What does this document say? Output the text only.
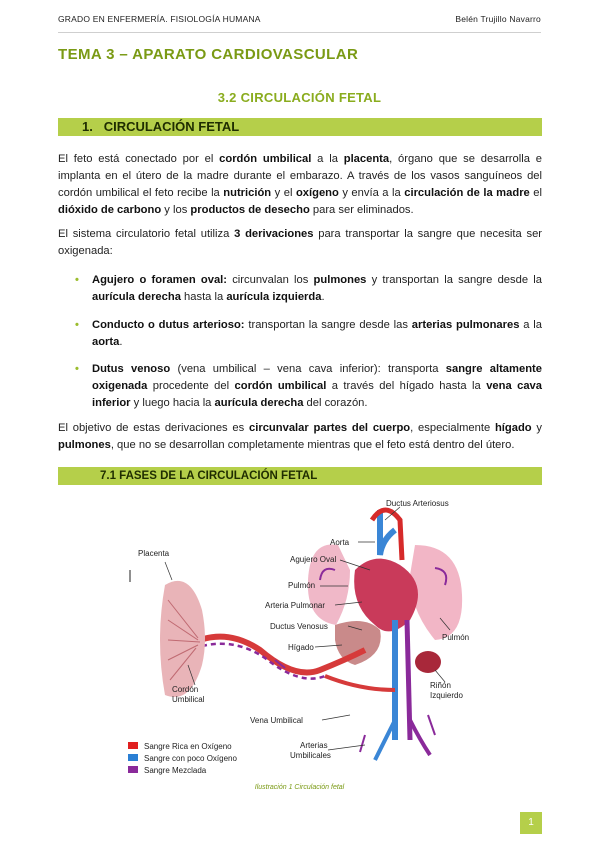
GRADO EN ENFERMERÍA. FISIOLOGÍA HUMANA	Belén Trujillo Navarro
TEMA 3 – APARATO CARDIOVASCULAR
3.2 CIRCULACIÓN FETAL
1. CIRCULACIÓN FETAL
El feto está conectado por el cordón umbilical a la placenta, órgano que se desarrolla e implanta en el útero de la madre durante el embarazo. A través de los vasos sanguíneos del cordón umbilical el feto recibe la nutrición y el oxígeno y envía a la circulación de la madre el dióxido de carbono y los productos de desecho para ser eliminados.
El sistema circulatorio fetal utiliza 3 derivaciones para transportar la sangre que necesita ser oxigenada:
• Agujero o foramen oval: circunvalan los pulmones y transportan la sangre desde la aurícula derecha hasta la aurícula izquierda.
• Conducto o dutus arterioso: transportan la sangre desde las arterias pulmonares a la aorta.
• Dutus venoso (vena umbilical – vena cava inferior): transporta sangre altamente oxigenada procedente del cordón umbilical a través del hígado hasta la vena cava inferior y luego hacia la aurícula derecha del corazón.
El objetivo de estas derivaciones es circunvalar partes del cuerpo, especialmente hígado y pulmones, que no se desarrollan completamente mientras que el feto está dentro del útero.
7.1 FASES DE LA CIRCULACIÓN FETAL
Ductus Arteriosus
Aorta
Agujero Oval
Pulmón
Arteria Pulmonar
Ductus Venosus
Hígado
Placenta
Pulmón
Riñón
Izquierdo
Cordón
Umbilical
Vena Umbilical
Arterias
Umbilicales
Sangre Rica en Oxígeno
Sangre con poco Oxígeno
Sangre Mezclada
Ilustración 1 Circulación fetal
1
